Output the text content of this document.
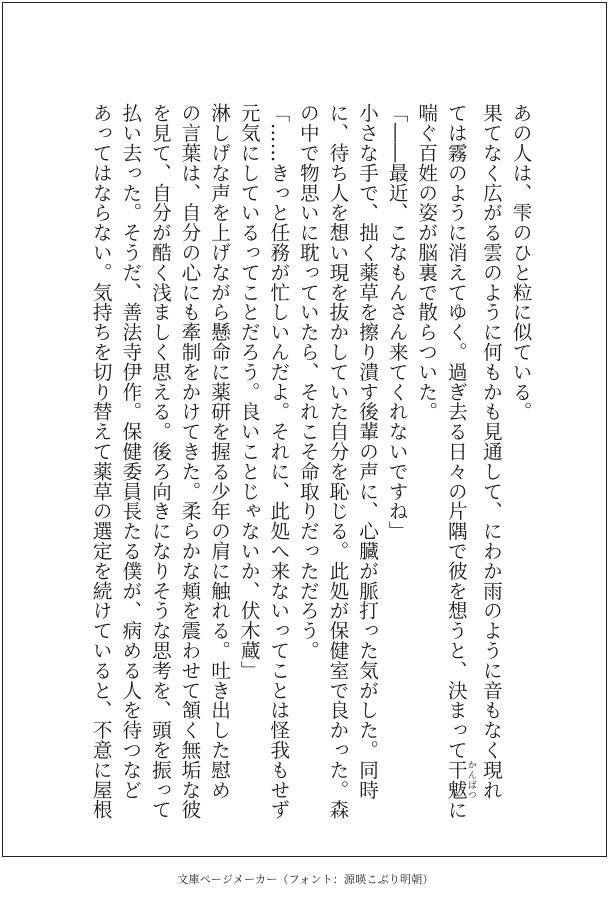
あの人は、雫のひと粒に似ている。
果てなく広がる雲のように何もかも見通して、にわか雨のように音もなく現れ
ては霧のように消えてゆく。過ぎ去る日々の片隅で彼を想うと、決まって干魃かんばつに
喘ぐ百姓の姿が脳裏で散らついた。
「――最近、こなもんさん来てくれないですね」
小さな手で、拙く薬草を擦り潰す後輩の声に、心臓が脈打った気がした。同時
に、待ち人を想い現を抜かしていた自分を恥じる。此処が保健室で良かった。森
の中で物思いに耽っていたら、それこそ命取りだっただろう。
「……きっと任務が忙しいんだよ。それに、此処へ来ないってことは怪我もせず
元気にしているってことだろう。良いことじゃないか、伏木蔵」
淋しげな声を上げながら懸命に薬研を握る少年の肩に触れる。吐き出した慰め
の言葉は、自分の心にも牽制をかけてきた。柔らかな頬を震わせて頷く無垢な彼
を見て、自分が酷く浅ましく思える。後ろ向きになりそうな思考を、頭を振って
払い去った。そうだ、善法寺伊作。保健委員長たる僕が、病める人を待つなど
あってはならない。気持ちを切り替えて薬草の選定を続けていると、不意に屋根
文庫ページメーカー（フォント：源暎こぶり明朝）
